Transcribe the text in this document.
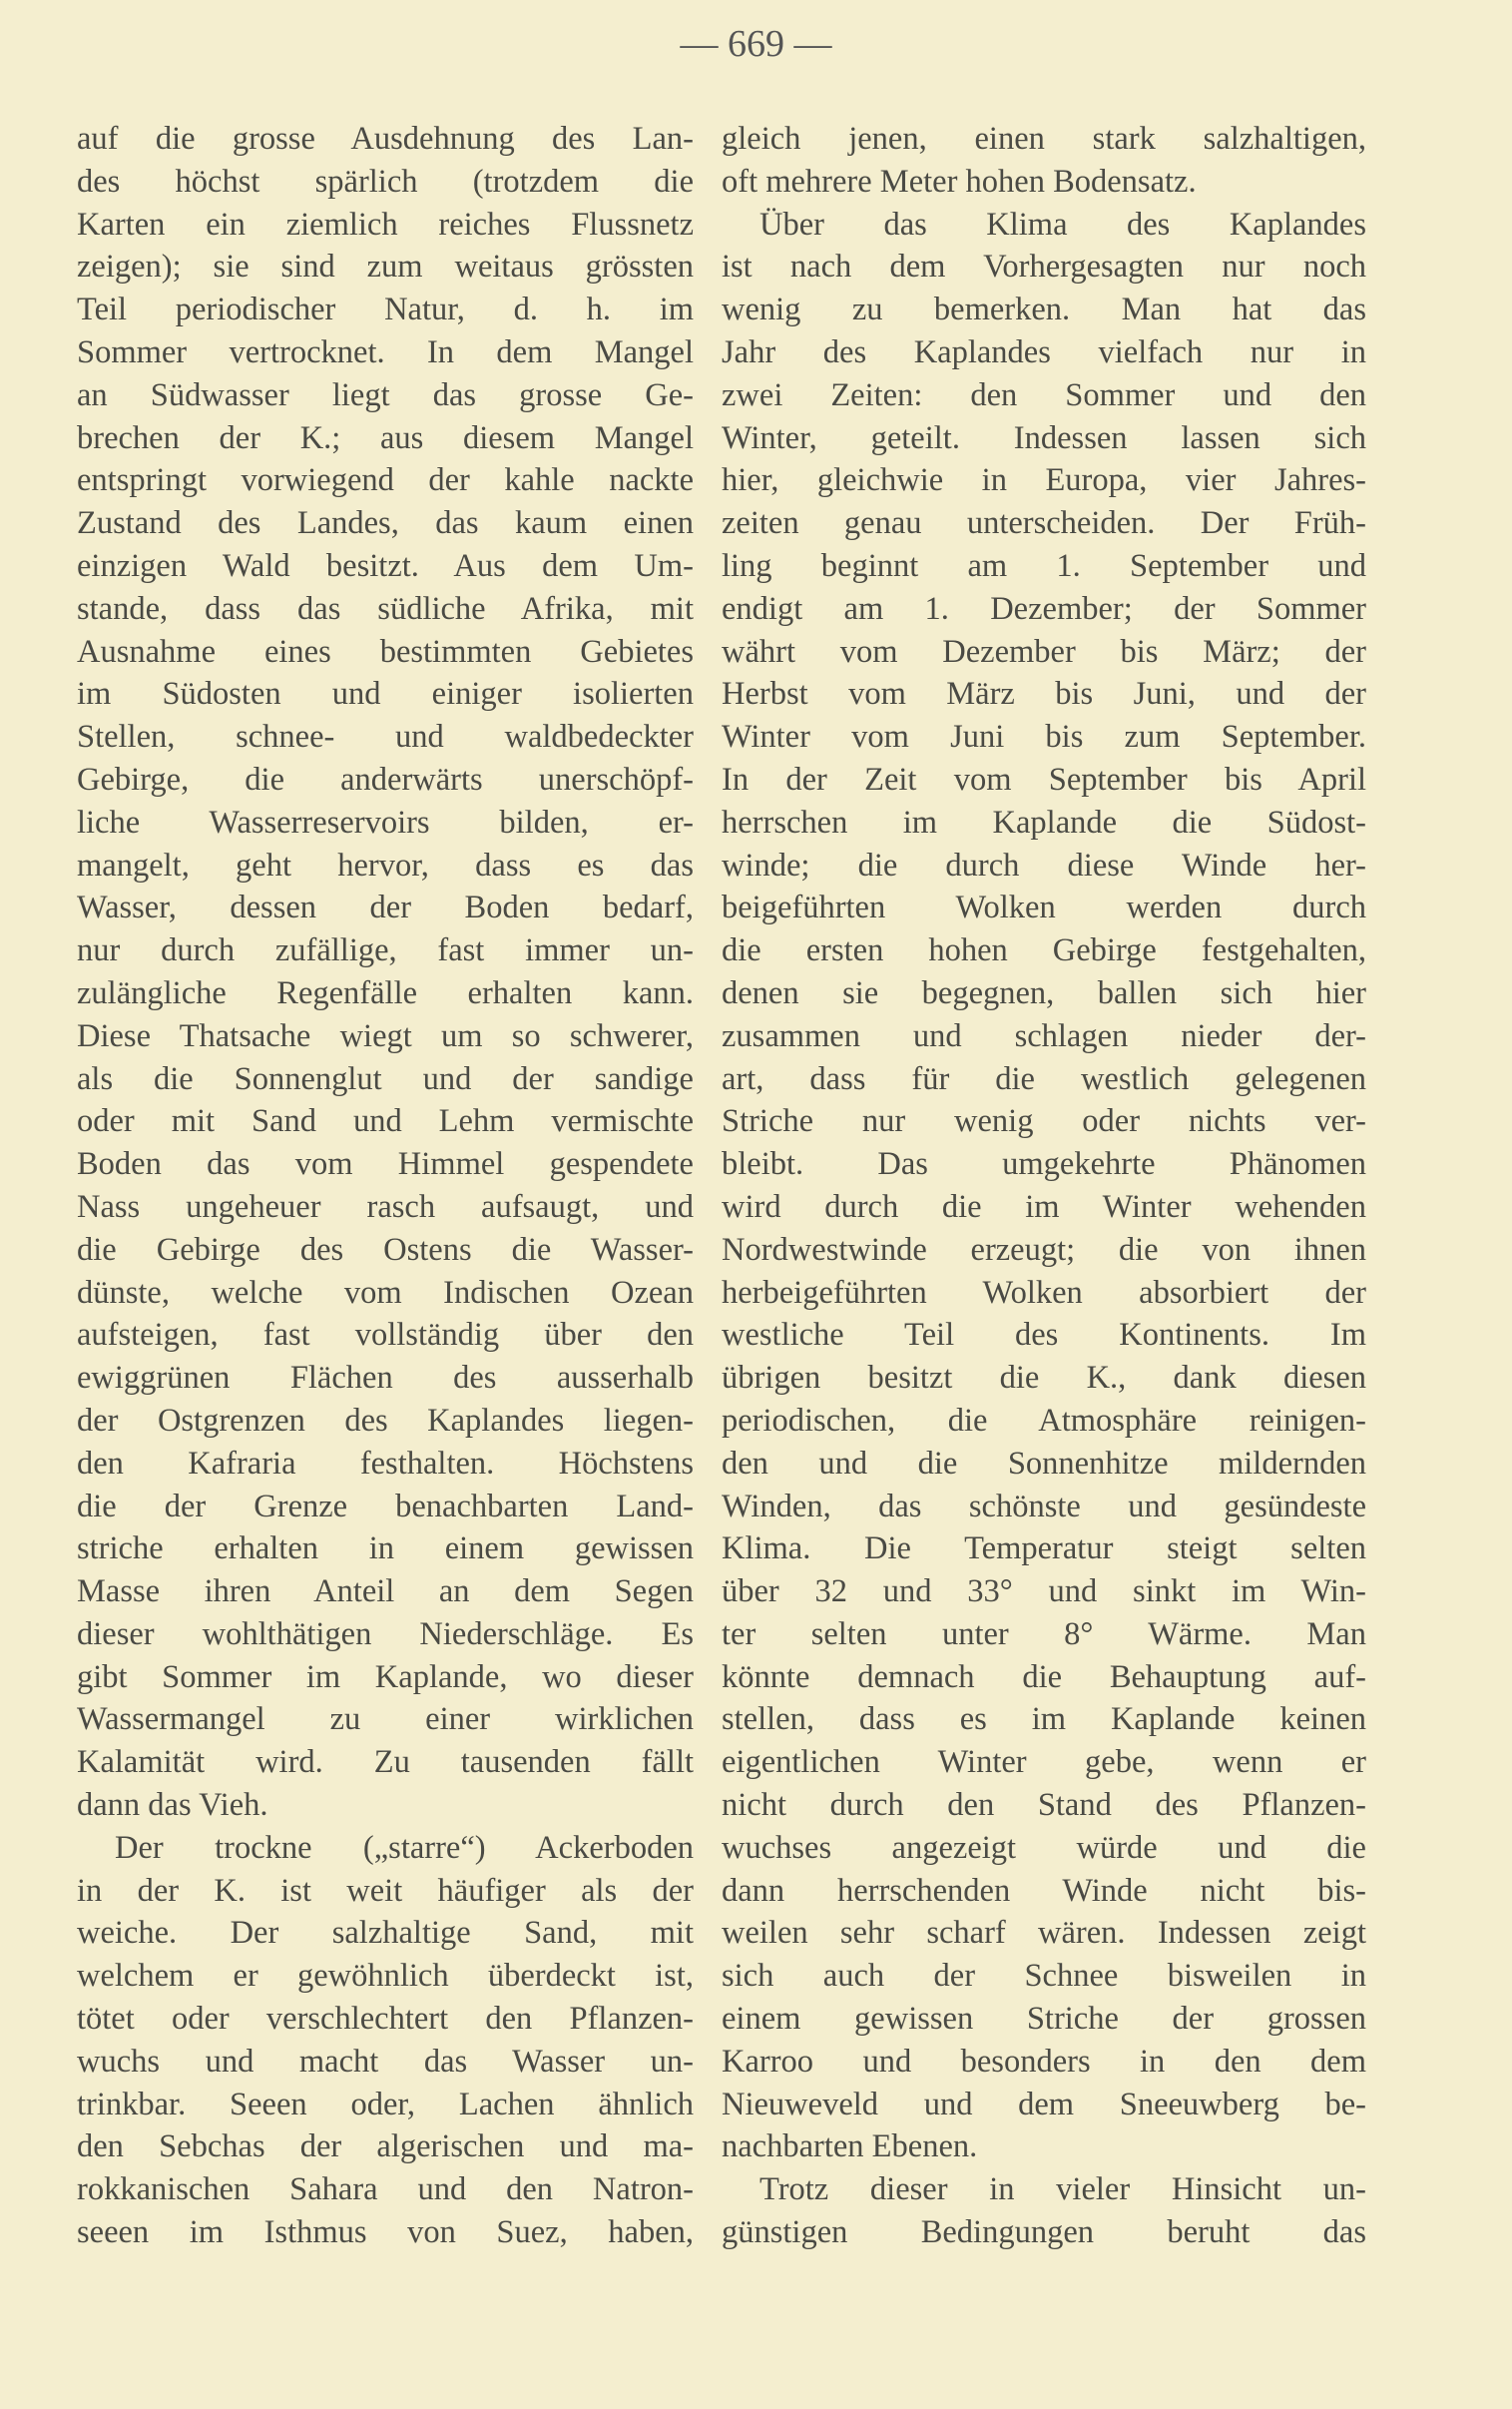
— 669 —
auf die grosse Ausdehnung des Lan-
des höchst spärlich (trotzdem die
Karten ein ziemlich reiches Flussnetz
zeigen); sie sind zum weitaus grössten
Teil periodischer Natur, d. h. im
Sommer vertrocknet. In dem Mangel
an Südwasser liegt das grosse Ge-
brechen der K.; aus diesem Mangel
entspringt vorwiegend der kahle nackte
Zustand des Landes, das kaum einen
einzigen Wald besitzt. Aus dem Um-
stande, dass das südliche Afrika, mit
Ausnahme eines bestimmten Gebietes
im Südosten und einiger isolierten
Stellen, schnee- und waldbedeckter
Gebirge, die anderwärts unerschöpf-
liche Wasserreservoirs bilden, er-
mangelt, geht hervor, dass es das
Wasser, dessen der Boden bedarf,
nur durch zufällige, fast immer un-
zulängliche Regenfälle erhalten kann.
Diese Thatsache wiegt um so schwerer,
als die Sonnenglut und der sandige
oder mit Sand und Lehm vermischte
Boden das vom Himmel gespendete
Nass ungeheuer rasch aufsaugt, und
die Gebirge des Ostens die Wasser-
dünste, welche vom Indischen Ozean
aufsteigen, fast vollständig über den
ewiggrünen Flächen des ausserhalb
der Ostgrenzen des Kaplandes liegen-
den Kafraria festhalten. Höchstens
die der Grenze benachbarten Land-
striche erhalten in einem gewissen
Masse ihren Anteil an dem Segen
dieser wohlthätigen Niederschläge. Es
gibt Sommer im Kaplande, wo dieser
Wassermangel zu einer wirklichen
Kalamität wird. Zu tausenden fällt
dann das Vieh.
Der trockne („starre“) Ackerboden
in der K. ist weit häufiger als der
weiche. Der salzhaltige Sand, mit
welchem er gewöhnlich überdeckt ist,
tötet oder verschlechtert den Pflanzen-
wuchs und macht das Wasser un-
trinkbar. Seeen oder, Lachen ähnlich
den Sebchas der algerischen und ma-
rokkanischen Sahara und den Natron-
seeen im Isthmus von Suez, haben,
gleich jenen, einen stark salzhaltigen,
oft mehrere Meter hohen Bodensatz.
Über das Klima des Kaplandes
ist nach dem Vorhergesagten nur noch
wenig zu bemerken. Man hat das
Jahr des Kaplandes vielfach nur in
zwei Zeiten: den Sommer und den
Winter, geteilt. Indessen lassen sich
hier, gleichwie in Europa, vier Jahres-
zeiten genau unterscheiden. Der Früh-
ling beginnt am 1. September und
endigt am 1. Dezember; der Sommer
währt vom Dezember bis März; der
Herbst vom März bis Juni, und der
Winter vom Juni bis zum September.
In der Zeit vom September bis April
herrschen im Kaplande die Südost-
winde; die durch diese Winde her-
beigeführten Wolken werden durch
die ersten hohen Gebirge festgehalten,
denen sie begegnen, ballen sich hier
zusammen und schlagen nieder der-
art, dass für die westlich gelegenen
Striche nur wenig oder nichts ver-
bleibt. Das umgekehrte Phänomen
wird durch die im Winter wehenden
Nordwestwinde erzeugt; die von ihnen
herbeigeführten Wolken absorbiert der
westliche Teil des Kontinents. Im
übrigen besitzt die K., dank diesen
periodischen, die Atmosphäre reinigen-
den und die Sonnenhitze mildernden
Winden, das schönste und gesündeste
Klima. Die Temperatur steigt selten
über 32 und 33° und sinkt im Win-
ter selten unter 8° Wärme. Man
könnte demnach die Behauptung auf-
stellen, dass es im Kaplande keinen
eigentlichen Winter gebe, wenn er
nicht durch den Stand des Pflanzen-
wuchses angezeigt würde und die
dann herrschenden Winde nicht bis-
weilen sehr scharf wären. Indessen zeigt
sich auch der Schnee bisweilen in
einem gewissen Striche der grossen
Karroo und besonders in den dem
Nieuweveld und dem Sneeuwberg be-
nachbarten Ebenen.
Trotz dieser in vieler Hinsicht un-
günstigen Bedingungen beruht das
